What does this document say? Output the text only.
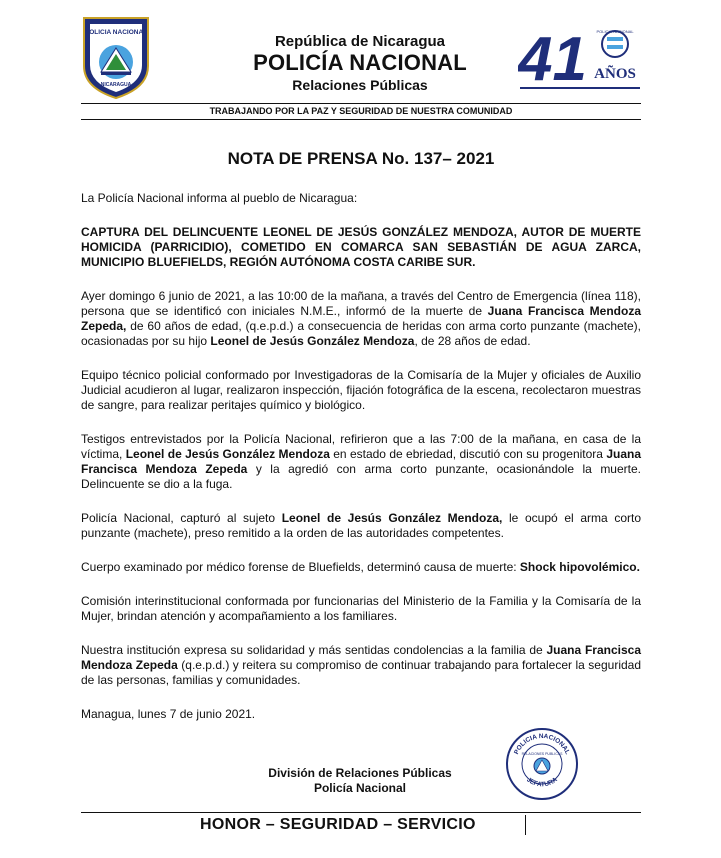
POLICIA NACIONAL
NICARAGUA
República de Nicaragua
POLICÍA NACIONAL
Relaciones Públicas	41 POLICIA NACIONAL
AÑOS
TRABAJANDO POR LA PAZ Y SEGURIDAD DE NUESTRA COMUNIDAD
NOTA DE PRENSA No. 137– 2021

La Policía Nacional informa al pueblo de Nicaragua:

CAPTURA DEL DELINCUENTE LEONEL DE JESÚS GONZÁLEZ MENDOZA, AUTOR DE MUERTE HOMICIDA (PARRICIDIO), COMETIDO EN COMARCA SAN SEBASTIÁN DE AGUA ZARCA, MUNICIPIO BLUEFIELDS, REGIÓN AUTÓNOMA COSTA CARIBE SUR.

Ayer domingo 6 junio de 2021, a las 10:00 de la mañana, a través del Centro de Emergencia (línea 118), persona que se identificó con iniciales N.M.E., informó de la muerte de Juana Francisca Mendoza Zepeda, de 60 años de edad, (q.e.p.d.) a consecuencia de heridas con arma corto punzante (machete), ocasionadas por su hijo Leonel de Jesús González Mendoza, de 28 años de edad.

Equipo técnico policial conformado por Investigadoras de la Comisaría de la Mujer y oficiales de Auxilio Judicial acudieron al lugar, realizaron inspección, fijación fotográfica de la escena, recolectaron muestras de sangre, para realizar peritajes químico y biológico.

Testigos entrevistados por la Policía Nacional, refirieron que a las 7:00 de la mañana, en casa de la víctima, Leonel de Jesús González Mendoza en estado de ebriedad, discutió con su progenitora Juana Francisca Mendoza Zepeda y la agredió con arma corto punzante, ocasionándole la muerte. Delincuente se dio a la fuga.

Policía Nacional, capturó al sujeto Leonel de Jesús González Mendoza, le ocupó el arma corto punzante (machete), preso remitido a la orden de las autoridades competentes.

Cuerpo examinado por médico forense de Bluefields, determinó causa de muerte: Shock hipovolémico.

Comisión interinstitucional conformada por funcionarias del Ministerio de la Familia y la Comisaría de la Mujer, brindan atención y acompañamiento a los familiares.

Nuestra institución expresa su solidaridad y más sentidas condolencias a la familia de Juana Francisca Mendoza Zepeda (q.e.p.d.) y reitera su compromiso de continuar trabajando para fortalecer la seguridad de las personas, familias y comunidades.

Managua, lunes 7 de junio 2021.

POLICIA NACIONAL
JEFATURA
RELACIONES PUBLICAS
División de Relaciones Públicas
Policía Nacional
HONOR – SEGURIDAD – SERVICIO
